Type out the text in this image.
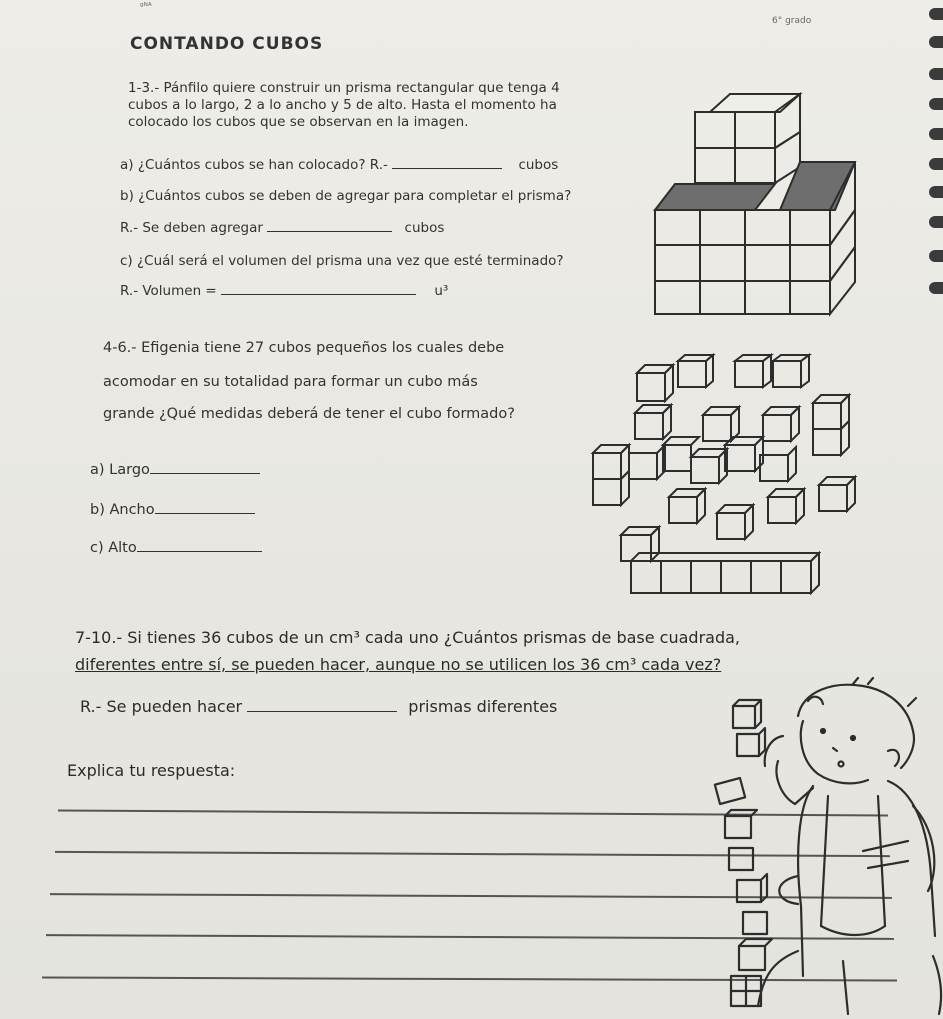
ᵍᴺᴬ
6° grado
CONTANDO CUBOS
1-3.- Pánfilo quiere construir un prisma rectangular que tenga 4
cubos a lo largo, 2 a lo ancho y 5 de alto. Hasta el momento ha
colocado los cubos que se observan en la imagen.
a) ¿Cuántos cubos se han colocado? R.-	cubos
b) ¿Cuántos cubos se deben de agregar para completar el prisma?
R.- Se deben agregar	cubos
c) ¿Cuál será el volumen del prisma una vez que esté terminado?
R.- Volumen =	u³
4-6.- Efigenia tiene 27 cubos pequeños los cuales debe
acomodar en su totalidad para formar un cubo más
grande ¿Qué medidas deberá de tener el cubo formado?
a) Largo
b) Ancho
c) Alto
7-10.- Si tienes 36 cubos de un cm³ cada uno ¿Cuántos prismas de base cuadrada,
diferentes entre sí, se pueden hacer, aunque no se utilicen los 36 cm³ cada vez?
R.- Se pueden hacer	prismas diferentes
Explica tu respuesta:
